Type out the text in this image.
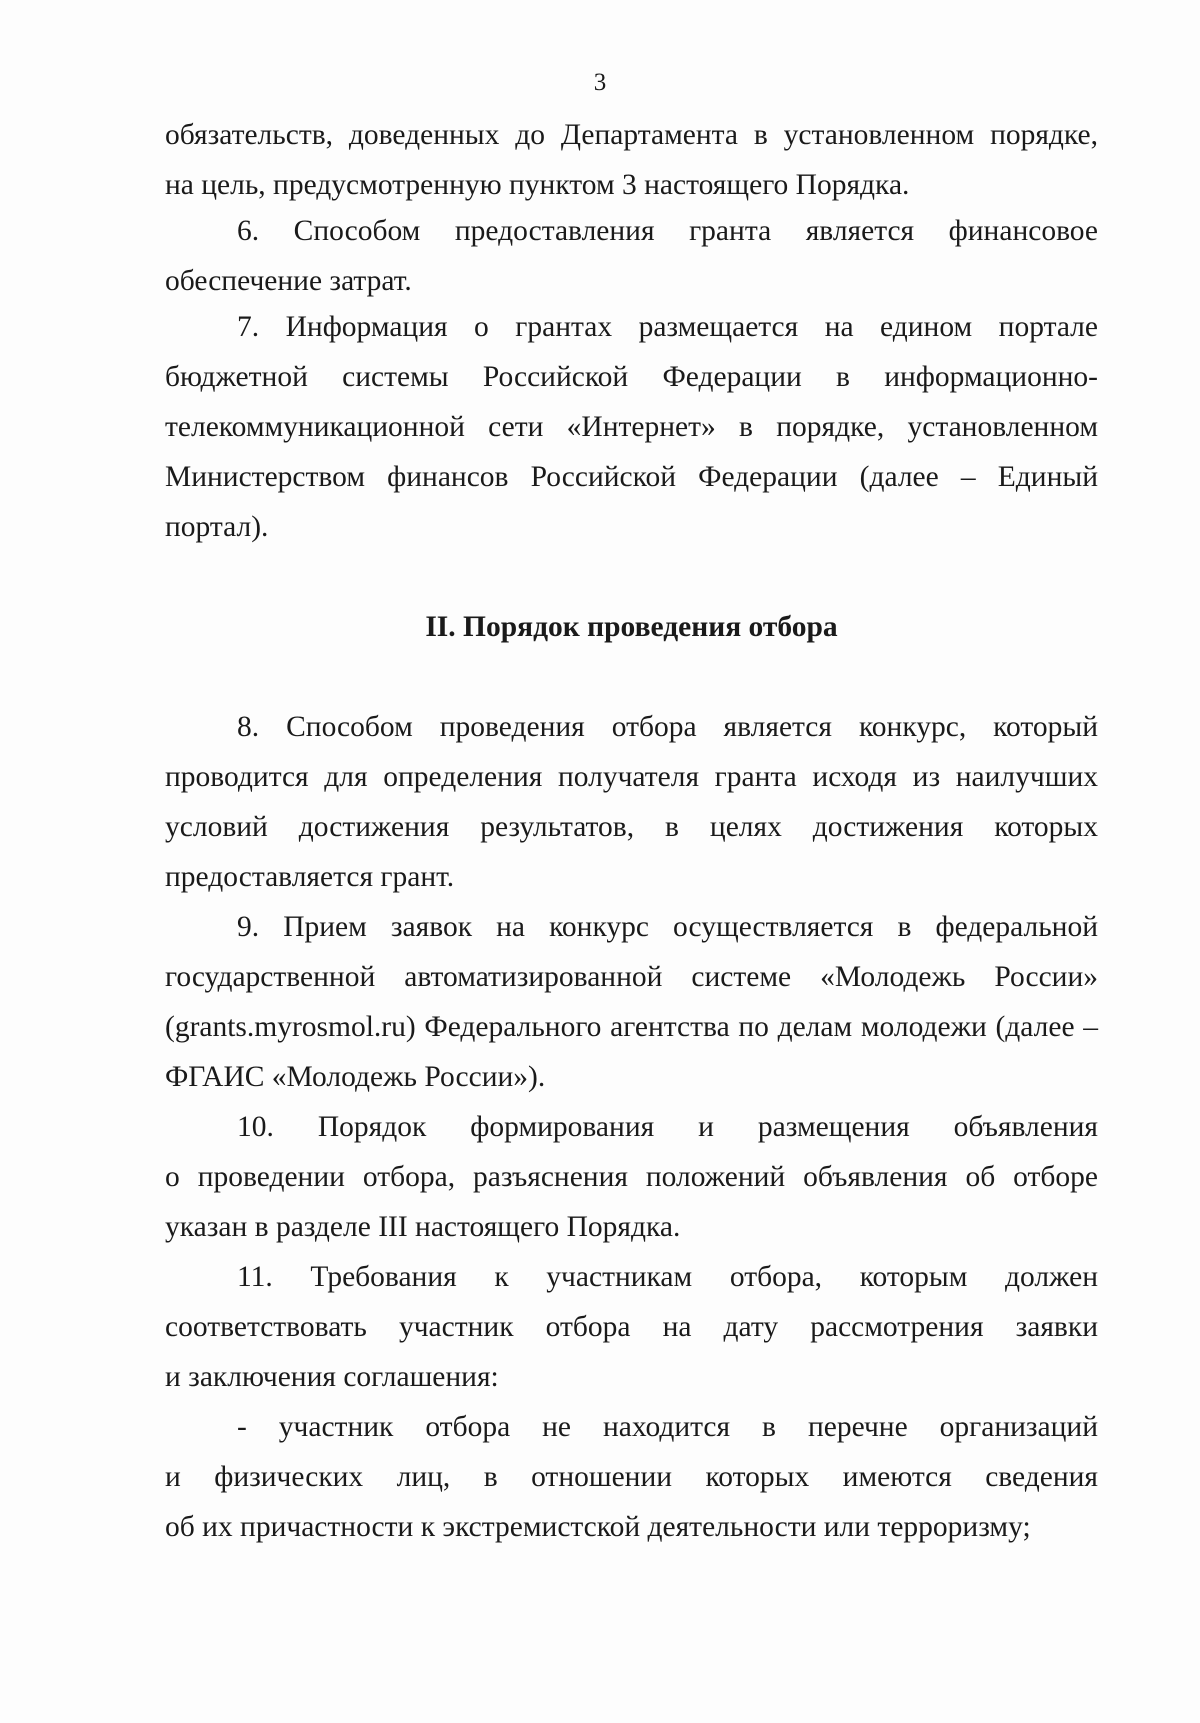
3
обязательств, доведенных до Департамента в установленном порядке,
на цель, предусмотренную пунктом 3 настоящего Порядка.
6. Способом предоставления гранта является финансовое
обеспечение затрат.
7. Информация о грантах размещается на едином портале
бюджетной системы Российской Федерации в информационно-
телекоммуникационной сети «Интернет» в порядке, установленном
Министерством финансов Российской Федерации (далее – Единый
портал).
II. Порядок проведения отбора
8. Способом проведения отбора является конкурс, который
проводится для определения получателя гранта исходя из наилучших
условий достижения результатов, в целях достижения которых
предоставляется грант.
9. Прием заявок на конкурс осуществляется в федеральной
государственной автоматизированной системе «Молодежь России»
(grants.myrosmol.ru) Федерального агентства по делам молодежи (далее –
ФГАИС «Молодежь России»).
10. Порядок формирования и размещения объявления
о проведении отбора, разъяснения положений объявления об отборе
указан в разделе III настоящего Порядка.
11. Требования к участникам отбора, которым должен
соответствовать участник отбора на дату рассмотрения заявки
и заключения соглашения:
- участник отбора не находится в перечне организаций
и физических лиц, в отношении которых имеются сведения
об их причастности к экстремистской деятельности или терроризму;
